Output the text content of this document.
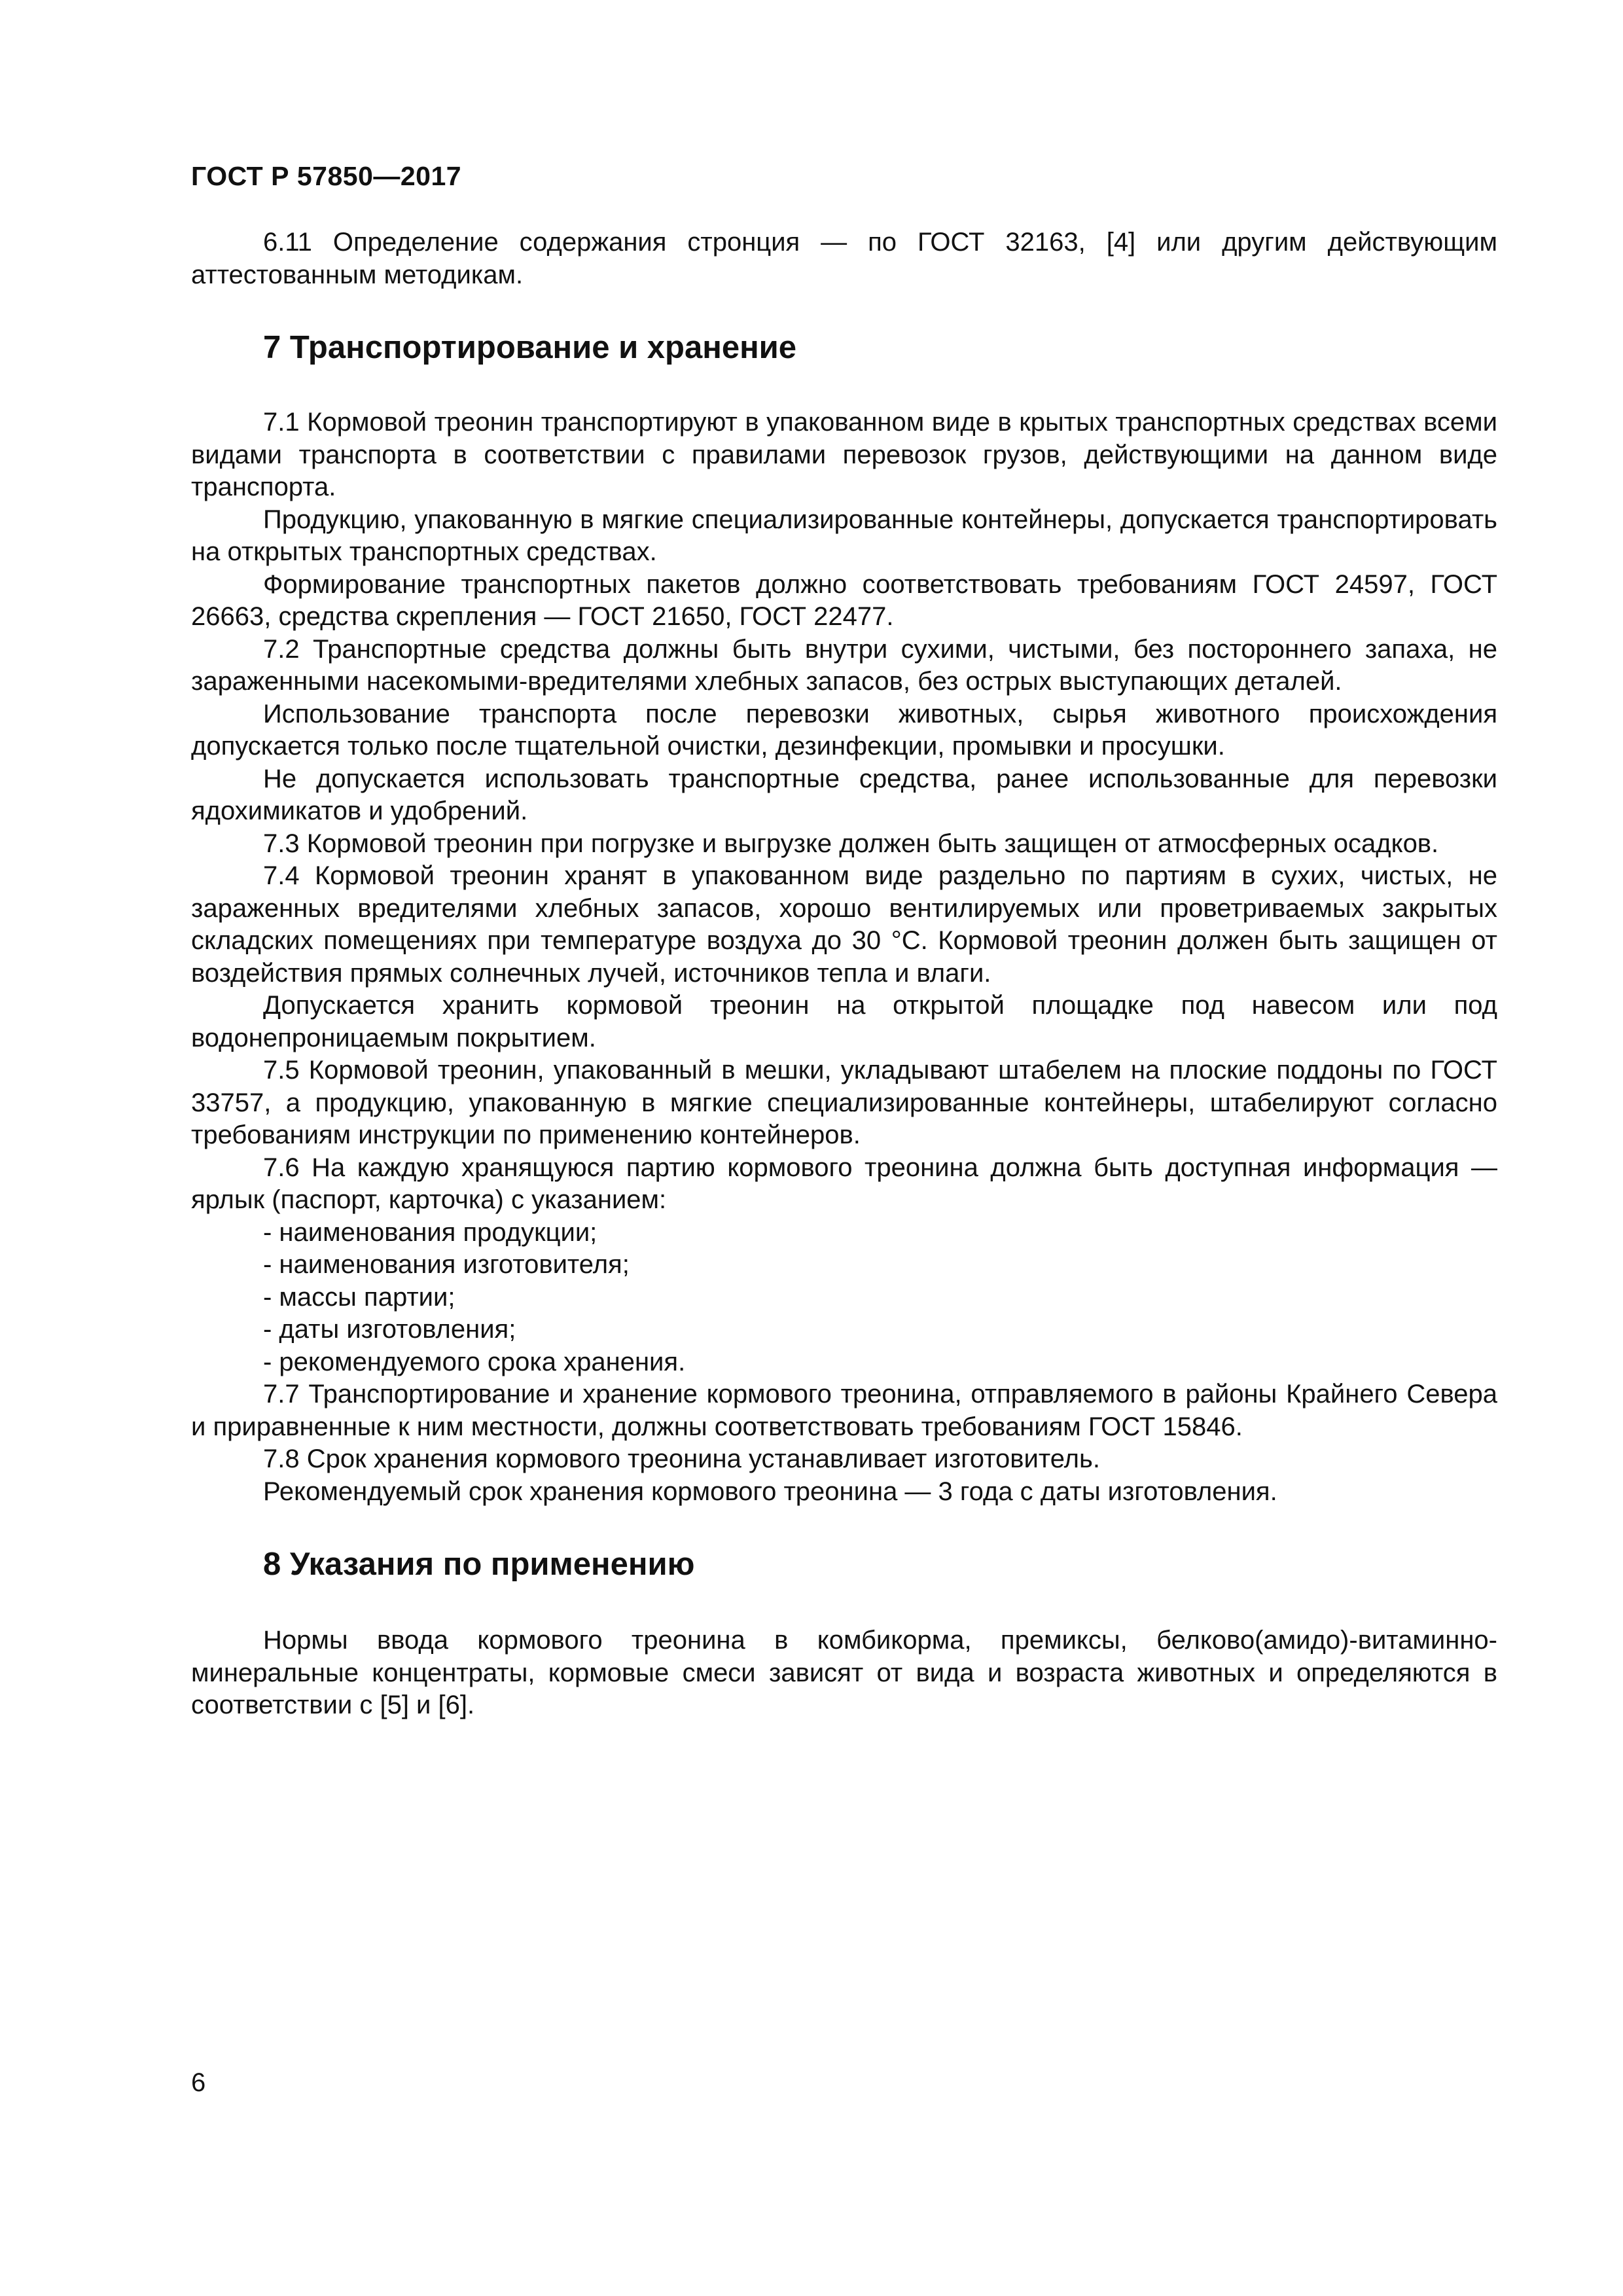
ГОСТ Р 57850—2017

6.11 Определение содержания стронция — по ГОСТ 32163, [4] или другим действующим аттестованным методикам.

7 Транспортирование и хранение

7.1 Кормовой треонин транспортируют в упакованном виде в крытых транспортных средствах всеми видами транспорта в соответствии с правилами перевозок грузов, действующими на данном виде транспорта.

Продукцию, упакованную в мягкие специализированные контейнеры, допускается транспортировать на открытых транспортных средствах.

Формирование транспортных пакетов должно соответствовать требованиям ГОСТ 24597, ГОСТ 26663, средства скрепления — ГОСТ 21650, ГОСТ 22477.

7.2 Транспортные средства должны быть внутри сухими, чистыми, без постороннего запаха, не зараженными насекомыми-вредителями хлебных запасов, без острых выступающих деталей.

Использование транспорта после перевозки животных, сырья животного происхождения допускается только после тщательной очистки, дезинфекции, промывки и просушки.

Не допускается использовать транспортные средства, ранее использованные для перевозки ядохимикатов и удобрений.

7.3 Кормовой треонин при погрузке и выгрузке должен быть защищен от атмосферных осадков.

7.4 Кормовой треонин хранят в упакованном виде раздельно по партиям в сухих, чистых, не зараженных вредителями хлебных запасов, хорошо вентилируемых или проветриваемых закрытых складских помещениях при температуре воздуха до 30 °С. Кормовой треонин должен быть защищен от воздействия прямых солнечных лучей, источников тепла и влаги.

Допускается хранить кормовой треонин на открытой площадке под навесом или под водонепроницаемым покрытием.

7.5 Кормовой треонин, упакованный в мешки, укладывают штабелем на плоские поддоны по ГОСТ 33757, а продукцию, упакованную в мягкие специализированные контейнеры, штабелируют согласно требованиям инструкции по применению контейнеров.

7.6 На каждую хранящуюся партию кормового треонина должна быть доступная информация — ярлык (паспорт, карточка) с указанием:

- наименования продукции;

- наименования изготовителя;

- массы партии;

- даты изготовления;

- рекомендуемого срока хранения.

7.7 Транспортирование и хранение кормового треонина, отправляемого в районы Крайнего Севера и приравненные к ним местности, должны соответствовать требованиям ГОСТ 15846.

7.8 Срок хранения кормового треонина устанавливает изготовитель.

Рекомендуемый срок хранения кормового треонина — 3 года с даты изготовления.

8 Указания по применению

Нормы ввода кормового треонина в комбикорма, премиксы, белково(амидо)-витаминно-минеральные концентраты, кормовые смеси зависят от вида и возраста животных и определяются в соответствии с [5] и [6].

6
